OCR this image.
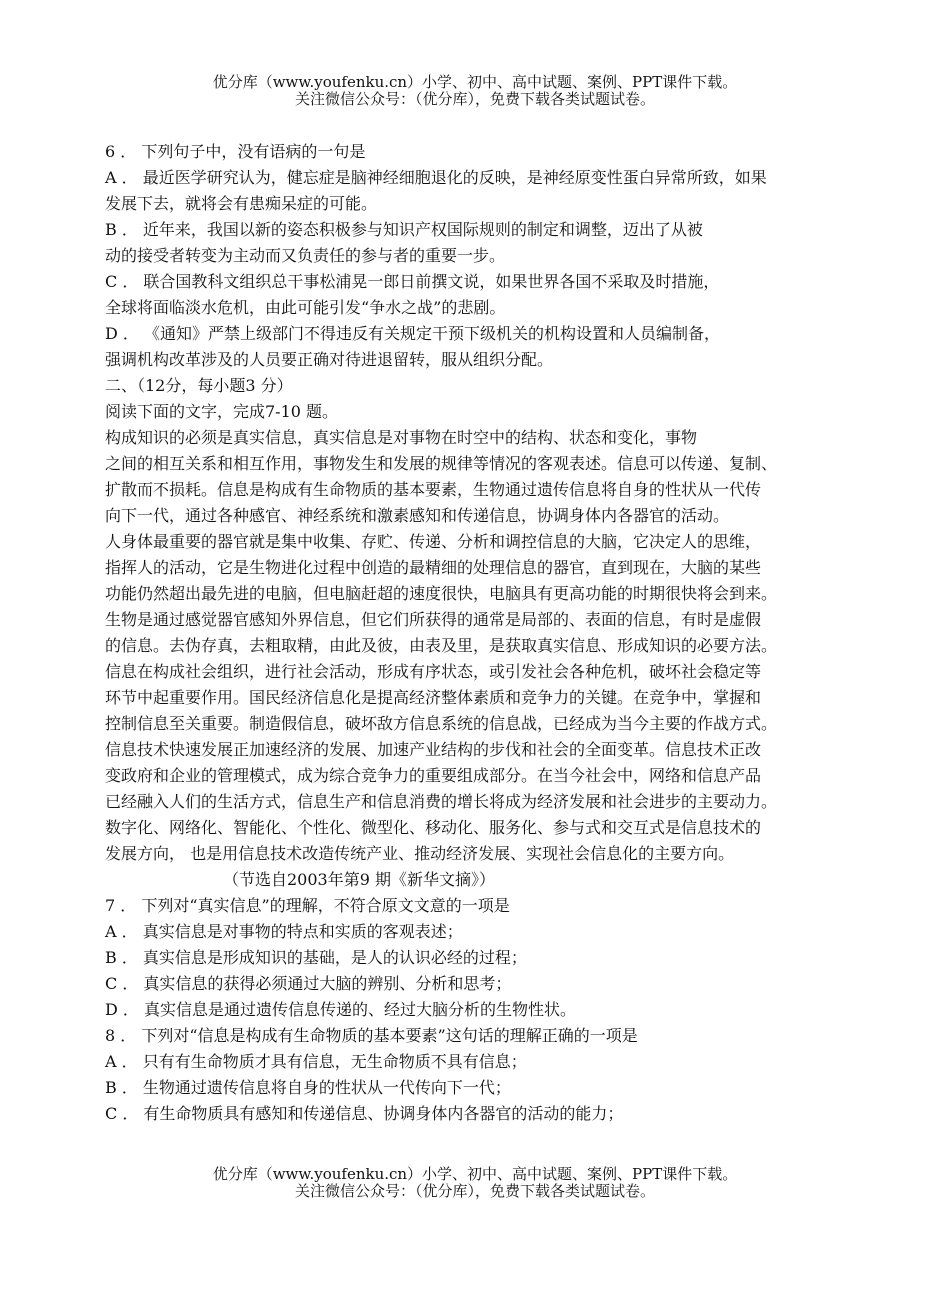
优分库（www.youfenku.cn）小学、初中、高中试题、案例、PPT课件下载。
关注微信公众号：（优分库），免费下载各类试题试卷。
6 ． 下列句子中，没有语病的一句是
A ． 最近医学研究认为，健忘症是脑神经细胞退化的反映，是神经原变性蛋白异常所致，如果
发展下去，就将会有患痴呆症的可能。
B ． 近年来，我国以新的姿态积极参与知识产权国际规则的制定和调整，迈出了从被
动的接受者转变为主动而又负责任的参与者的重要一步。
C ． 联合国教科文组织总干事松浦晃一郎日前撰文说，如果世界各国不采取及时措施，
全球将面临淡水危机，由此可能引发“争水之战”的悲剧。
D ． 《通知》严禁上级部门不得违反有关规定干预下级机关的机构设置和人员编制备，
强调机构改革涉及的人员要正确对待进退留转，服从组织分配。
二、（12分，每小题3 分）
阅读下面的文字，完成7-10 题。
构成知识的必须是真实信息，真实信息是对事物在时空中的结构、状态和变化，事物
之间的相互关系和相互作用，事物发生和发展的规律等情况的客观表述。信息可以传递、复制、
扩散而不损耗。信息是构成有生命物质的基本要素，生物通过遗传信息将自身的性状从一代传
向下一代，通过各种感官、神经系统和激素感知和传递信息，协调身体内各器官的活动。
人身体最重要的器官就是集中收集、存贮、传递、分析和调控信息的大脑，它决定人的思维，
指挥人的活动，它是生物进化过程中创造的最精细的处理信息的器官，直到现在，大脑的某些
功能仍然超出最先进的电脑，但电脑赶超的速度很快，电脑具有更高功能的时期很快将会到来。
生物是通过感觉器官感知外界信息，但它们所获得的通常是局部的、表面的信息，有时是虚假
的信息。去伪存真，去粗取精，由此及彼，由表及里，是获取真实信息、形成知识的必要方法。
信息在构成社会组织，进行社会活动，形成有序状态，或引发社会各种危机，破坏社会稳定等
环节中起重要作用。国民经济信息化是提高经济整体素质和竞争力的关键。在竞争中，掌握和
控制信息至关重要。制造假信息，破坏敌方信息系统的信息战，已经成为当今主要的作战方式。
信息技术快速发展正加速经济的发展、加速产业结构的步伐和社会的全面变革。信息技术正改
变政府和企业的管理模式，成为综合竞争力的重要组成部分。在当今社会中，网络和信息产品
已经融入人们的生活方式，信息生产和信息消费的增长将成为经济发展和社会进步的主要动力。
数字化、网络化、智能化、个性化、微型化、移动化、服务化、参与式和交互式是信息技术的
发展方向， 也是用信息技术改造传统产业、推动经济发展、实现社会信息化的主要方向。
（节选自2003年第9 期《新华文摘》）
7 ． 下列对“真实信息”的理解，不符合原文文意的一项是
A ． 真实信息是对事物的特点和实质的客观表述；
B ． 真实信息是形成知识的基础，是人的认识必经的过程；
C ． 真实信息的获得必须通过大脑的辨别、分析和思考；
D ． 真实信息是通过遗传信息传递的、经过大脑分析的生物性状。
8 ． 下列对“信息是构成有生命物质的基本要素”这句话的理解正确的一项是
A ． 只有有生命物质才具有信息，无生命物质不具有信息；
B ． 生物通过遗传信息将自身的性状从一代传向下一代；
C ． 有生命物质具有感知和传递信息、协调身体内各器官的活动的能力；
优分库（www.youfenku.cn）小学、初中、高中试题、案例、PPT课件下载。
关注微信公众号：（优分库），免费下载各类试题试卷。
